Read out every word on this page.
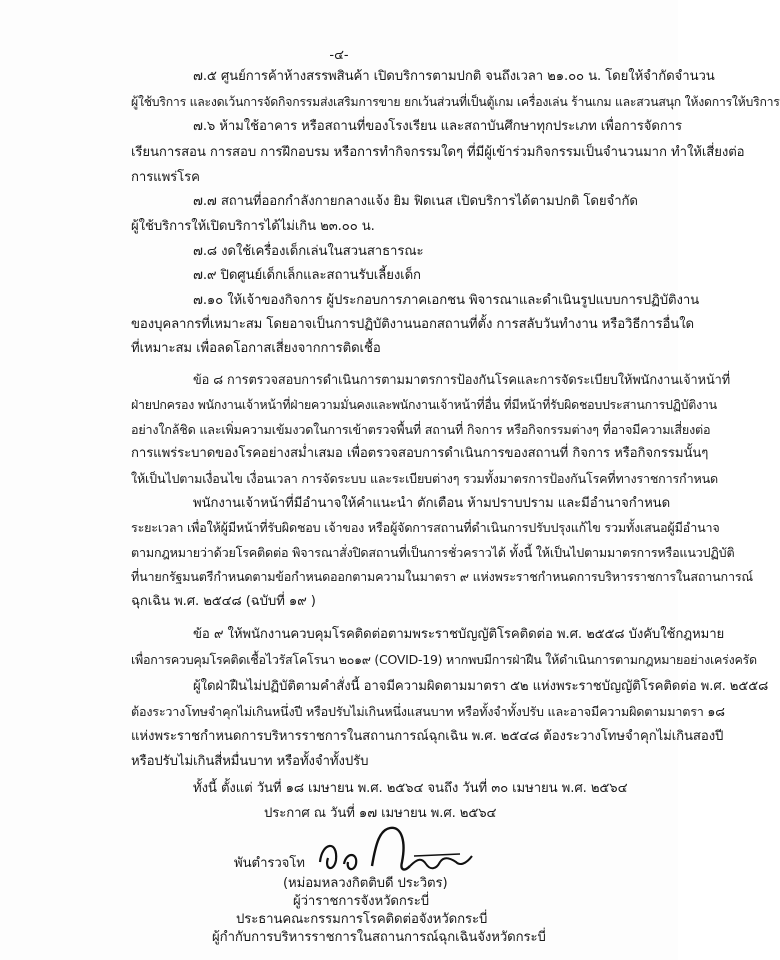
-๔-
๗.๕ ศูนย์การค้าห้างสรรพสินค้า เปิดบริการตามปกติ จนถึงเวลา ๒๑.๐๐ น. โดยให้จำกัดจำนวน
ผู้ใช้บริการ และงดเว้นการจัดกิจกรรมส่งเสริมการขาย ยกเว้นส่วนที่เป็นตู้เกม เครื่องเล่น ร้านเกม และสวนสนุก ให้งดการให้บริการ
๗.๖ ห้ามใช้อาคาร หรือสถานที่ของโรงเรียน และสถาบันศึกษาทุกประเภท เพื่อการจัดการ
เรียนการสอน การสอบ การฝึกอบรม หรือการทำกิจกรรมใดๆ ที่มีผู้เข้าร่วมกิจกรรมเป็นจำนวนมาก ทำให้เสี่ยงต่อ
การแพร่โรค
๗.๗ สถานที่ออกกำลังกายกลางแจ้ง ยิม ฟิตเนส เปิดบริการได้ตามปกติ โดยจำกัด
ผู้ใช้บริการให้เปิดบริการได้ไม่เกิน ๒๓.๐๐ น.
๗.๘ งดใช้เครื่องเด็กเล่นในสวนสาธารณะ
๗.๙ ปิดศูนย์เด็กเล็กและสถานรับเลี้ยงเด็ก
๗.๑๐ ให้เจ้าของกิจการ ผู้ประกอบการภาคเอกชน พิจารณาและดำเนินรูปแบบการปฏิบัติงาน
ของบุคลากรที่เหมาะสม โดยอาจเป็นการปฏิบัติงานนอกสถานที่ตั้ง การสลับวันทำงาน หรือวิธีการอื่นใด
ที่เหมาะสม เพื่อลดโอกาสเสี่ยงจากการติดเชื้อ
ข้อ ๘ การตรวจสอบการดำเนินการตามมาตรการป้องกันโรคและการจัดระเบียบให้พนักงานเจ้าหน้าที่
ฝ่ายปกครอง พนักงานเจ้าหน้าที่ฝ่ายความมั่นคงและพนักงานเจ้าหน้าที่อื่น ที่มีหน้าที่รับผิดชอบประสานการปฏิบัติงาน
อย่างใกล้ชิด และเพิ่มความเข้มงวดในการเข้าตรวจพื้นที่ สถานที่ กิจการ หรือกิจกรรมต่างๆ ที่อาจมีความเสี่ยงต่อ
การแพร่ระบาดของโรคอย่างสม่ำเสมอ เพื่อตรวจสอบการดำเนินการของสถานที่ กิจการ หรือกิจกรรมนั้นๆ
ให้เป็นไปตามเงื่อนไข เงื่อนเวลา การจัดระบบ และระเบียบต่างๆ รวมทั้งมาตรการป้องกันโรคที่ทางราชการกำหนด
พนักงานเจ้าหน้าที่มีอำนาจให้คำแนะนำ ตักเตือน ห้ามปราบปราม และมีอำนาจกำหนด
ระยะเวลา เพื่อให้ผู้มีหน้าที่รับผิดชอบ เจ้าของ หรือผู้จัดการสถานที่ดำเนินการปรับปรุงแก้ไข รวมทั้งเสนอผู้มีอำนาจ
ตามกฎหมายว่าด้วยโรคติดต่อ พิจารณาสั่งปิดสถานที่เป็นการชั่วคราวได้ ทั้งนี้ ให้เป็นไปตามมาตรการหรือแนวปฏิบัติ
ที่นายกรัฐมนตรีกำหนดตามข้อกำหนดออกตามความในมาตรา ๙ แห่งพระราชกำหนดการบริหารราชการในสถานการณ์
ฉุกเฉิน พ.ศ. ๒๕๔๘ (ฉบับที่ ๑๙ )
ข้อ ๙ ให้พนักงานควบคุมโรคติดต่อตามพระราชบัญญัติโรคติดต่อ พ.ศ. ๒๕๕๘ บังคับใช้กฎหมาย
เพื่อการควบคุมโรคติดเชื้อไวรัสโคโรนา ๒๐๑๙ (COVID-19) หากพบมีการฝ่าฝืน ให้ดำเนินการตามกฎหมายอย่างเคร่งครัด
ผู้ใดฝ่าฝืนไม่ปฏิบัติตามคำสั่งนี้ อาจมีความผิดตามมาตรา ๕๒ แห่งพระราชบัญญัติโรคติดต่อ พ.ศ. ๒๕๕๘
ต้องระวางโทษจำคุกไม่เกินหนึ่งปี หรือปรับไม่เกินหนึ่งแสนบาท หรือทั้งจำทั้งปรับ และอาจมีความผิดตามมาตรา ๑๘
แห่งพระราชกำหนดการบริหารราชการในสถานการณ์ฉุกเฉิน พ.ศ. ๒๕๔๘ ต้องระวางโทษจำคุกไม่เกินสองปี
หรือปรับไม่เกินสี่หมื่นบาท หรือทั้งจำทั้งปรับ
ทั้งนี้ ตั้งแต่ วันที่ ๑๘ เมษายน พ.ศ. ๒๕๖๔ จนถึง วันที่ ๓๐ เมษายน พ.ศ. ๒๕๖๔
ประกาศ ณ วันที่ ๑๗ เมษายน พ.ศ. ๒๕๖๔
พันตำรวจโท
(หม่อมหลวงกิตติบดี ประวิตร)
ผู้ว่าราชการจังหวัดกระบี่
ประธานคณะกรรมการโรคติดต่อจังหวัดกระบี่
ผู้กำกับการบริหารราชการในสถานการณ์ฉุกเฉินจังหวัดกระบี่
